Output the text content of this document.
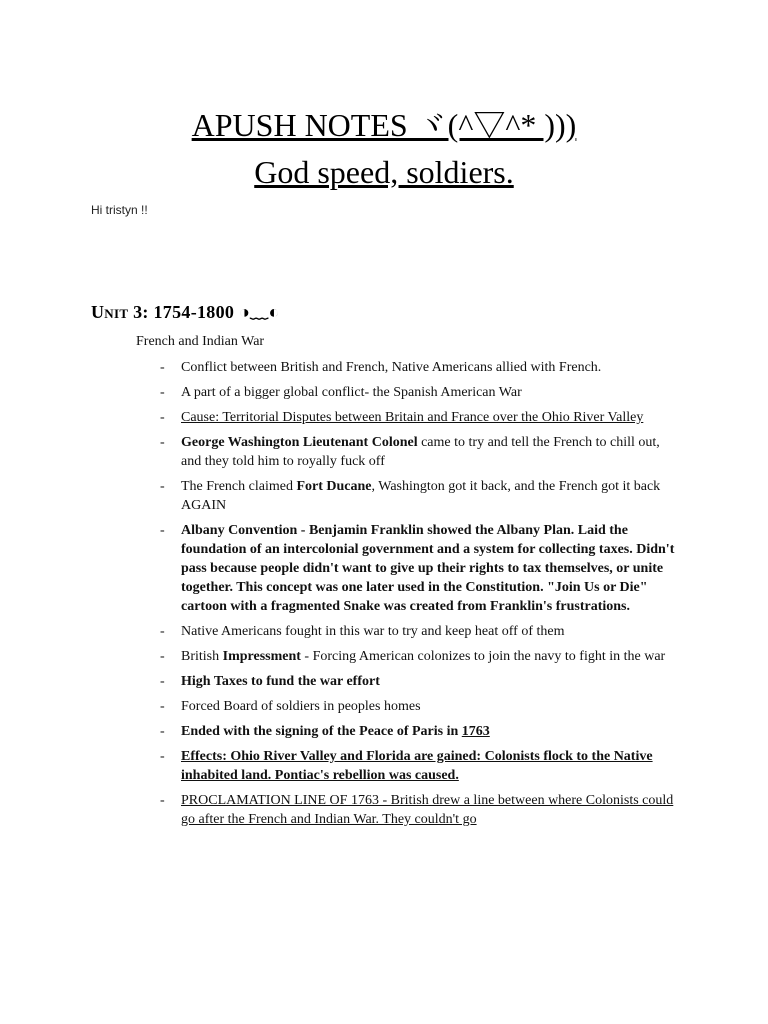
APUSH NOTES ヾ(^▽^* )))
God speed, soldiers.
Hi tristyn !!
Unit 3: 1754-1800 ◑﹏◐
French and Indian War
- Conflict between British and French, Native Americans allied with French.
- A part of a bigger global conflict- the Spanish American War
- Cause: Territorial Disputes between Britain and France over the Ohio River Valley
- George Washington Lieutenant Colonel came to try and tell the French to chill out, and they told him to royally fuck off
- The French claimed Fort Ducane, Washington got it back, and the French got it back AGAIN
- Albany Convention - Benjamin Franklin showed the Albany Plan. Laid the foundation of an intercolonial government and a system for collecting taxes. Didn't pass because people didn't want to give up their rights to tax themselves, or unite together. This concept was one later used in the Constitution. "Join Us or Die" cartoon with a fragmented Snake was created from Franklin's frustrations.
- Native Americans fought in this war to try and keep heat off of them
- British Impressment - Forcing American colonizes to join the navy to fight in the war
- High Taxes to fund the war effort
- Forced Board of soldiers in peoples homes
- Ended with the signing of the Peace of Paris in 1763
- Effects: Ohio River Valley and Florida are gained: Colonists flock to the Native inhabited land. Pontiac's rebellion was caused.
- PROCLAMATION LINE OF 1763 - British drew a line between where Colonists could go after the French and Indian War. They couldn't go
